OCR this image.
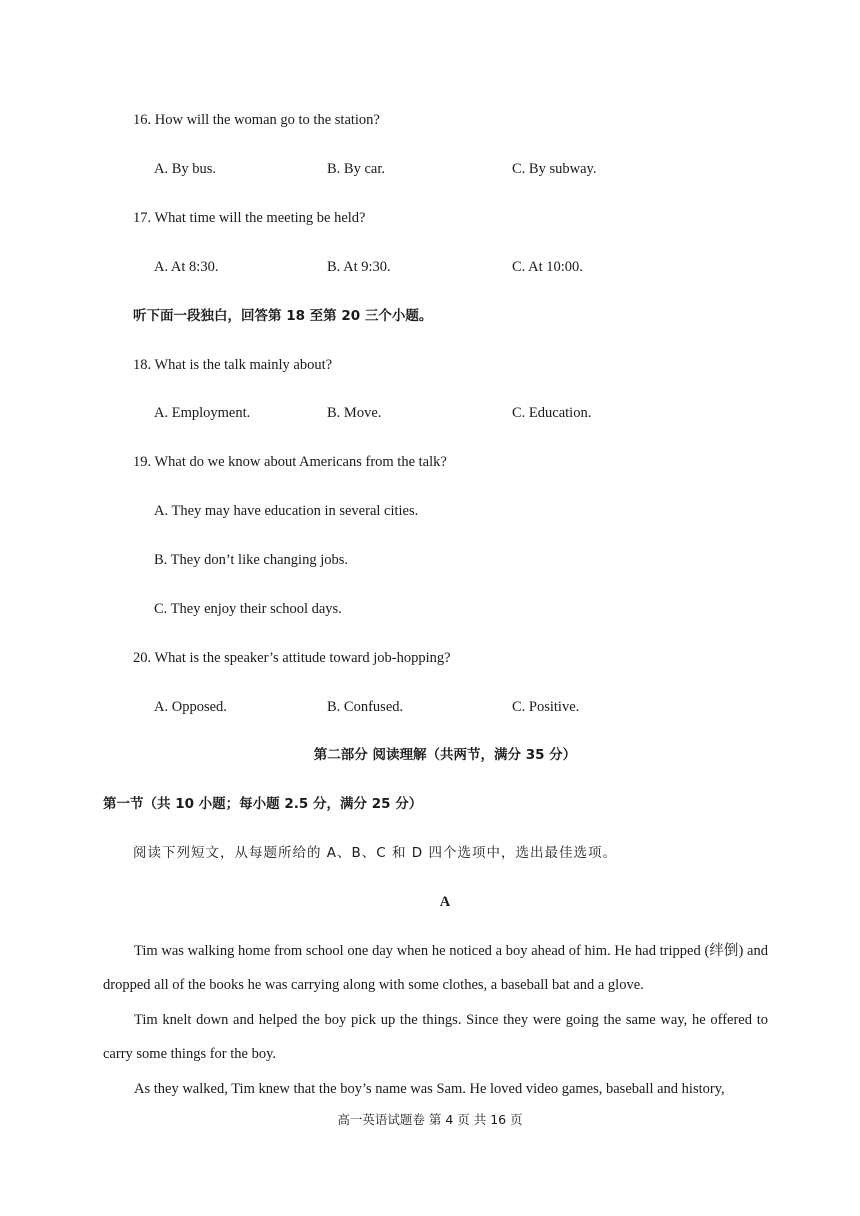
16. How will the woman go to the station?
A. By bus.	B. By car.	C. By subway.
17. What time will the meeting be held?
A. At 8:30.	B. At 9:30.	C. At 10:00.
听下面一段独白，回答第 18 至第 20 三个小题。
18. What is the talk mainly about?
A. Employment.	B. Move.	C. Education.
19. What do we know about Americans from the talk?
A. They may have education in several cities.
B. They don’t like changing jobs.
C. They enjoy their school days.
20. What is the speaker’s attitude toward job-hopping?
A. Opposed.	B. Confused.	C. Positive.
第二部分 阅读理解（共两节，满分 35 分）
第一节（共 10 小题；每小题 2.5 分，满分 25 分）
阅读下列短文，从每题所给的 A、B、C 和 D 四个选项中，选出最佳选项。
A
Tim was walking home from school one day when he noticed a boy ahead of him. He had tripped (绊倒) and dropped all of the books he was carrying along with some clothes, a baseball bat and a glove.
Tim knelt down and helped the boy pick up the things. Since they were going the same way, he offered to carry some things for the boy.
As they walked, Tim knew that the boy’s name was Sam. He loved video games, baseball and history,
高一英语试题卷 第 4 页 共 16 页
